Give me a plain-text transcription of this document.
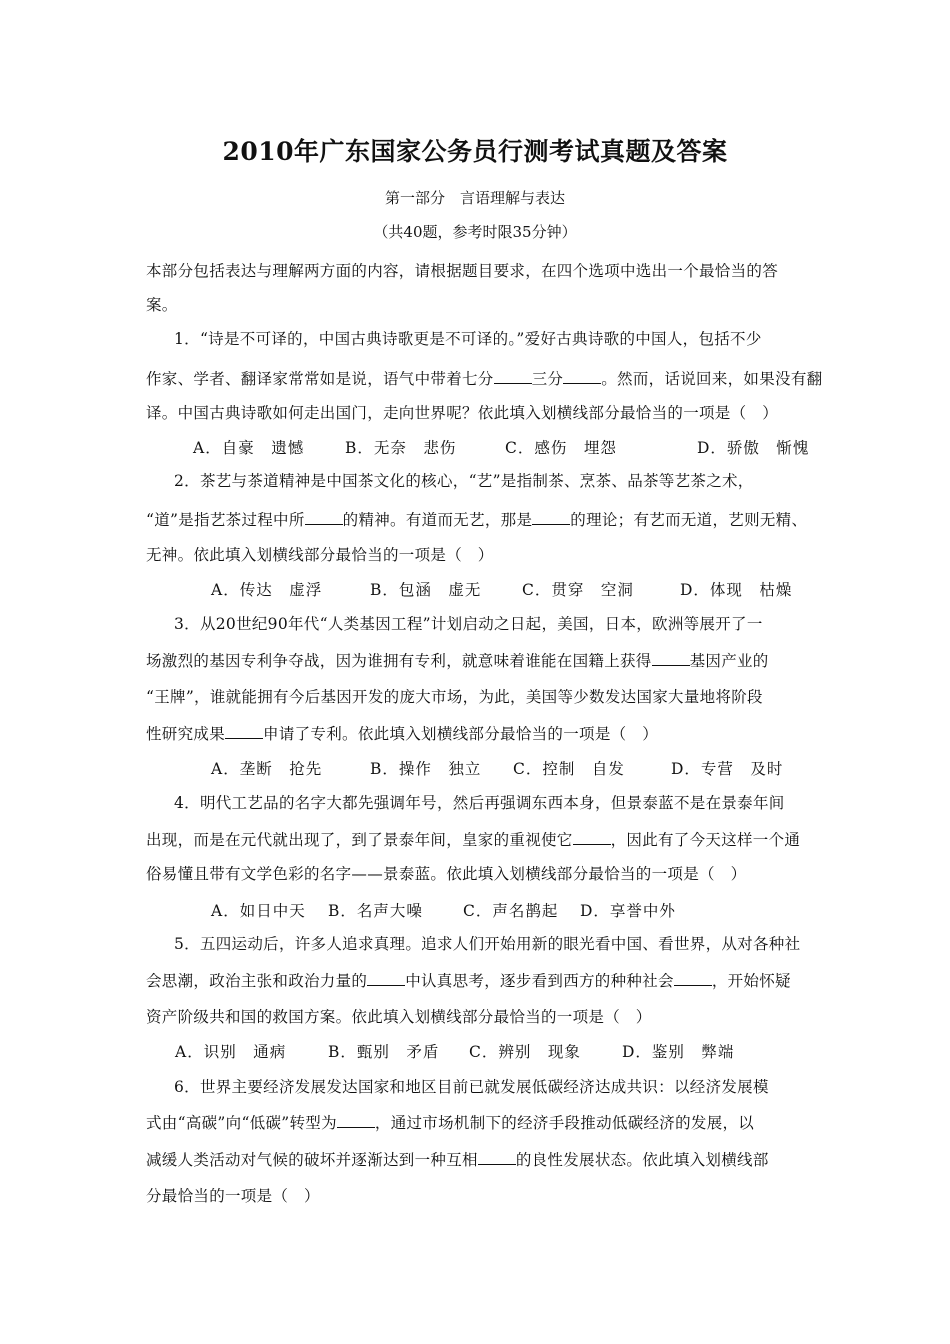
2010年广东国家公务员行测考试真题及答案
第一部分　言语理解与表达
（共40题，参考时限35分钟）
本部分包括表达与理解两方面的内容，请根据题目要求，在四个选项中选出一个最恰当的答
案。
1．“诗是不可译的，中国古典诗歌更是不可译的。”爱好古典诗歌的中国人，包括不少
作家、学者、翻译家常常如是说，语气中带着七分 三分 。然而，话说回来，如果没有翻
译。中国古典诗歌如何走出国门，走向世界呢？依此填入划横线部分最恰当的一项是（　）
A．自豪　遗憾	B．无奈　悲伤	C．感伤　埋怨	D．骄傲　惭愧
2．茶艺与茶道精神是中国茶文化的核心，“艺”是指制茶、烹茶、品茶等艺茶之术，
“道”是指艺茶过程中所 的精神。有道而无艺，那是 的理论；有艺而无道，艺则无精、
无神。依此填入划横线部分最恰当的一项是（　）
A．传达　虚浮	B．包涵　虚无	C．贯穿　空洞	D．体现　枯燥
3．从20世纪90年代“人类基因工程”计划启动之日起，美国，日本，欧洲等展开了一
场激烈的基因专利争夺战，因为谁拥有专利，就意味着谁能在国籍上获得 基因产业的
“王牌”，谁就能拥有今后基因开发的庞大市场，为此，美国等少数发达国家大量地将阶段
性研究成果 申请了专利。依此填入划横线部分最恰当的一项是（　）
A．垄断　抢先	B．操作　独立 C．控制　自发	D．专营　及时
4．明代工艺品的名字大都先强调年号，然后再强调东西本身，但景泰蓝不是在景泰年间
出现，而是在元代就出现了，到了景泰年间，皇家的重视使它 ，因此有了今天这样一个通
俗易懂且带有文学色彩的名字——景泰蓝。依此填入划横线部分最恰当的一项是（　）
A．如日中天 B．名声大噪	C．声名鹊起 D．享誉中外
5．五四运动后，许多人追求真理。追求人们开始用新的眼光看中国、看世界，从对各种社
会思潮，政治主张和政治力量的 中认真思考，逐步看到西方的种种社会 ，开始怀疑
资产阶级共和国的救国方案。依此填入划横线部分最恰当的一项是（　）
A．识别　通病	B．甄别　矛盾 C．辨别　现象	D．鉴别　弊端
6．世界主要经济发展发达国家和地区目前已就发展低碳经济达成共识：以经济发展模
式由“高碳”向“低碳”转型为 ，通过市场机制下的经济手段推动低碳经济的发展，以
减缓人类活动对气候的破坏并逐渐达到一种互相 的良性发展状态。依此填入划横线部
分最恰当的一项是（　）
